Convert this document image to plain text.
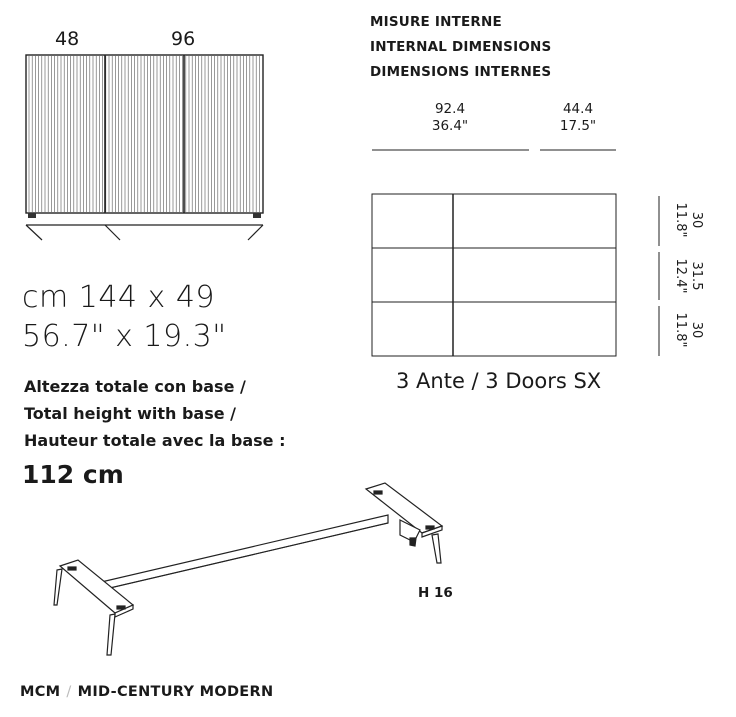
48	96
MISURE INTERNE
INTERNAL DIMENSIONS
DIMENSIONS INTERNES
92.4
36.4"
44.4
17.5"
30
11.8"
31.5
12.4"
30
11.8"
3 Ante / 3 Doors SX
cm 144 x 49
56.7" x 19.3"
Altezza totale con base /
Total height with base /
Hauteur totale avec la base :
112 cm
H 16
MCM / MID-CENTURY MODERN
